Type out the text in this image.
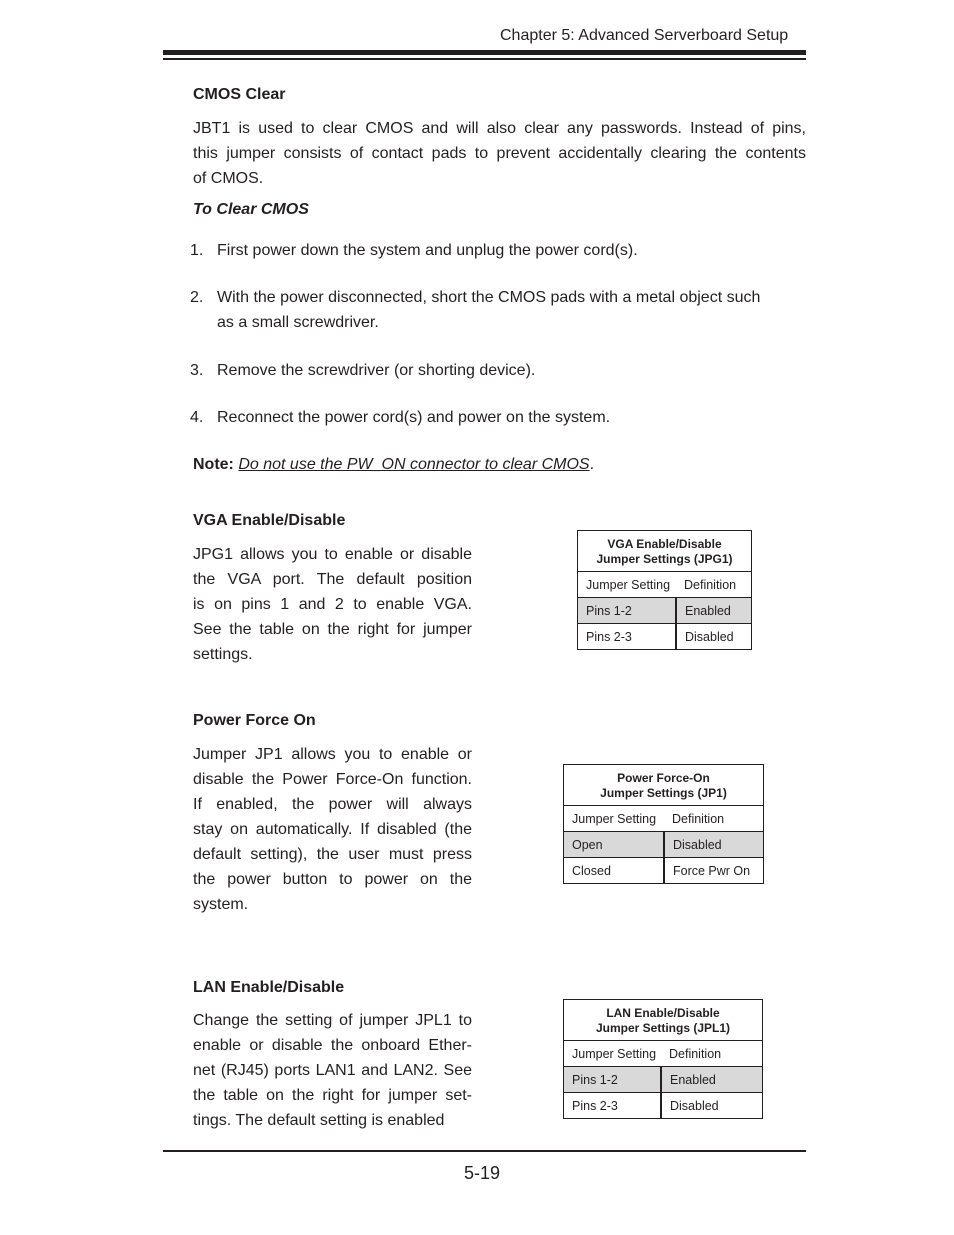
Chapter 5: Advanced Serverboard Setup
CMOS Clear
JBT1 is used to clear CMOS and will also clear any passwords. Instead of pins,
this jumper consists of contact pads to prevent accidentally clearing the contents
of CMOS.
To Clear CMOS
1. First power down the system and unplug the power cord(s).
2. With the power disconnected, short the CMOS pads with a metal object such
as a small screwdriver.
3. Remove the screwdriver (or shorting device).
4. Reconnect the power cord(s) and power on the system.
Note: Do not use the PW_ON connector to clear CMOS.
VGA Enable/Disable
JPG1 allows you to enable or disable
the VGA port. The default position
is on pins 1 and 2 to enable VGA.
See the table on the right for jumper
settings.
VGA Enable/Disable
Jumper Settings (JPG1)	

Jumper Setting	Definition
Pins 1-2	Enabled
Pins 2-3	Disabled
Power Force On
Jumper JP1 allows you to enable or
disable the Power Force-On function.
If enabled, the power will always
stay on automatically. If disabled (the
default setting), the user must press
the power button to power on the
system.
Power Force-On
Jumper Settings (JP1)	

Jumper Setting	Definition
Open	Disabled
Closed	Force Pwr On
LAN Enable/Disable
Change the setting of jumper JPL1 to
enable or disable the onboard Ether-
net (RJ45) ports LAN1 and LAN2. See
the table on the right for jumper set-
tings. The default setting is enabled
LAN Enable/Disable
Jumper Settings (JPL1)	

Jumper Setting	Definition
Pins 1-2	Enabled
Pins 2-3	Disabled
5-19
